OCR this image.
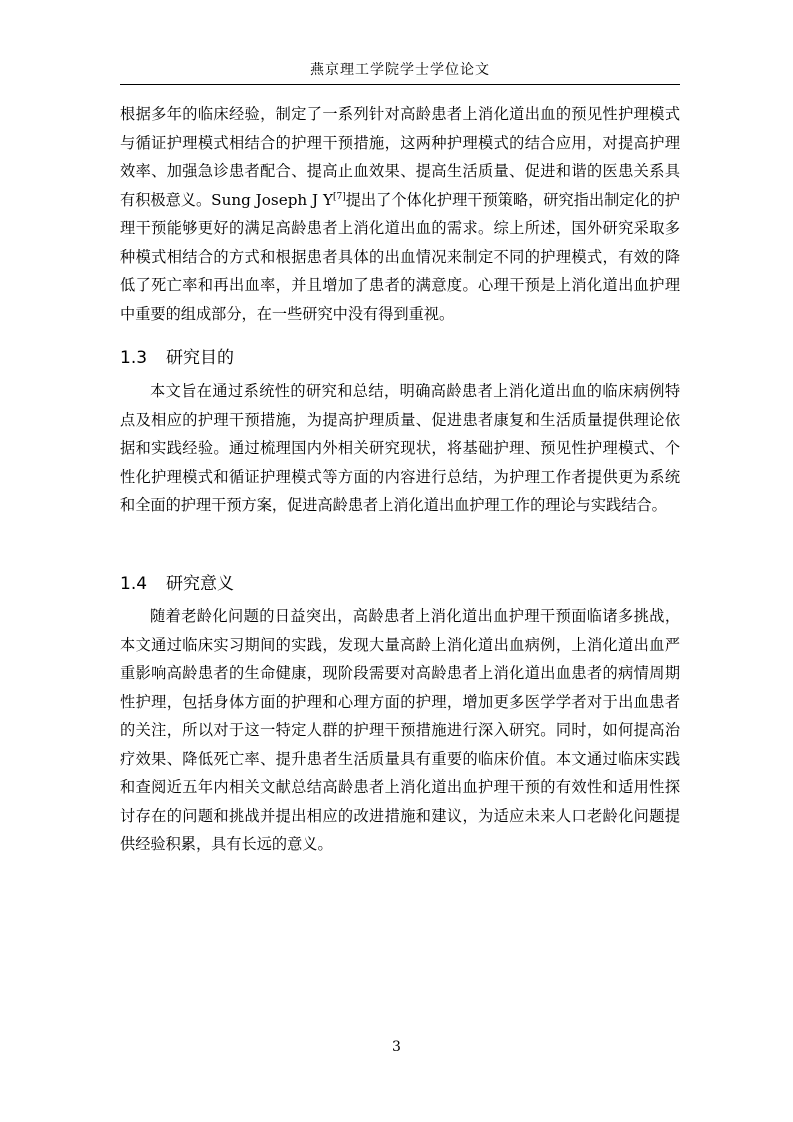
燕京理工学院学士学位论文

根据多年的临床经验，制定了一系列针对高龄患者上消化道出血的预见性护理模式与循证护理模式相结合的护理干预措施，这两种护理模式的结合应用，对提高护理效率、加强急诊患者配合、提高止血效果、提高生活质量、促进和谐的医患关系具有积极意义。Sung Joseph J Y[7]提出了个体化护理干预策略，研究指出制定化的护理干预能够更好的满足高龄患者上消化道出血的需求。综上所述，国外研究采取多种模式相结合的方式和根据患者具体的出血情况来制定不同的护理模式，有效的降低了死亡率和再出血率，并且增加了患者的满意度。心理干预是上消化道出血护理中重要的组成部分，在一些研究中没有得到重视。

1.3 研究目的

本文旨在通过系统性的研究和总结，明确高龄患者上消化道出血的临床病例特点及相应的护理干预措施，为提高护理质量、促进患者康复和生活质量提供理论依据和实践经验。通过梳理国内外相关研究现状，将基础护理、预见性护理模式、个性化护理模式和循证护理模式等方面的内容进行总结，为护理工作者提供更为系统和全面的护理干预方案，促进高龄患者上消化道出血护理工作的理论与实践结合。

1.4 研究意义

随着老龄化问题的日益突出，高龄患者上消化道出血护理干预面临诸多挑战，本文通过临床实习期间的实践，发现大量高龄上消化道出血病例，上消化道出血严重影响高龄患者的生命健康，现阶段需要对高龄患者上消化道出血患者的病情周期性护理，包括身体方面的护理和心理方面的护理，增加更多医学学者对于出血患者的关注，所以对于这一特定人群的护理干预措施进行深入研究。同时，如何提高治疗效果、降低死亡率、提升患者生活质量具有重要的临床价值。本文通过临床实践和查阅近五年内相关文献总结高龄患者上消化道出血护理干预的有效性和适用性探讨存在的问题和挑战并提出相应的改进措施和建议，为适应未来人口老龄化问题提供经验积累，具有长远的意义。

3
